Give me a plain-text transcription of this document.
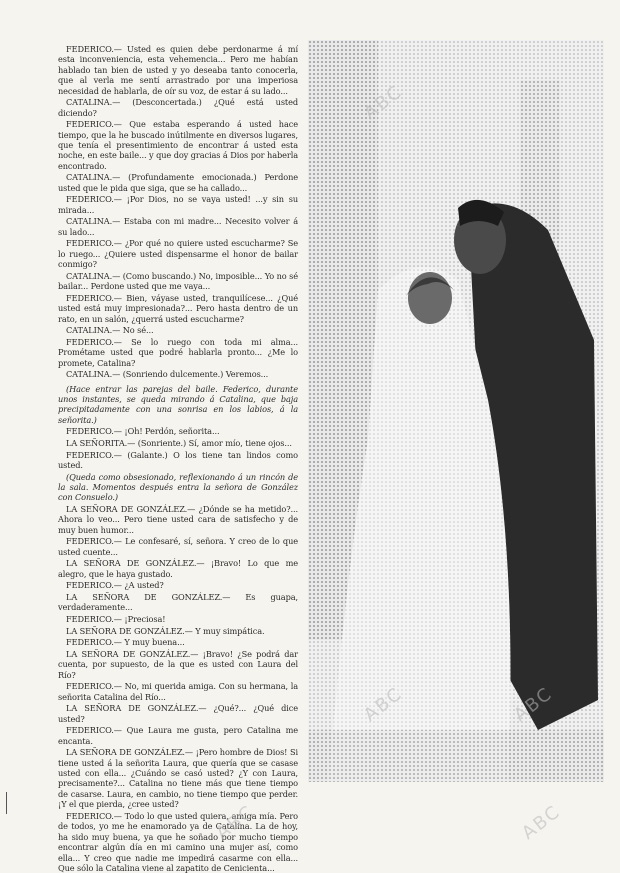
FEDERICO.— Usted es quien debe perdonarme á mí esta inconveniencia, esta vehemencia... Pero me habían hablado tan bien de usted y yo deseaba tanto conocerla, que al verla me sentí arrastrado por una imperiosa necesidad de hablarla, de oír su voz, de estar á su lado...

CATALINA.— (Desconcertada.) ¿Qué está usted diciendo?

FEDERICO.— Que estaba esperando á usted hace tiempo, que la he buscado inútilmente en diversos lugares, que tenía el presentimiento de encontrar á usted esta noche, en este baile... y que doy gracias á Dios por haberla encontrado.

CATALINA.— (Profundamente emocionada.) Perdone usted que le pida que siga, que se ha callado...

FEDERICO.— ¡Por Dios, no se vaya usted! ...y sin su mirada...

CATALINA.— Estaba con mi madre... Necesito volver á su lado...

FEDERICO.— ¿Por qué no quiere usted escucharme? Se lo ruego... ¿Quiere usted dispensarme el honor de bailar conmigo?

CATALINA.— (Como buscando.) No, imposible... Yo no sé bailar... Perdone usted que me vaya...

FEDERICO.— Bien, váyase usted, tranquilícese... ¿Qué usted está muy impresionada?... Pero hasta dentro de un rato, en un salón, ¿querrá usted escucharme?

CATALINA.— No sé...

FEDERICO.— Se lo ruego con toda mi alma... Prométame usted que podré hablarla pronto... ¿Me lo promete, Catalina?

CATALINA.— (Sonriendo dulcemente.) Veremos...

(Hace entrar las parejas del baile. Federico, durante unos instantes, se queda mirando á Catalina, que baja precipitadamente con una sonrisa en los labios, á la señorita.)

FEDERICO.— ¡Oh! Perdón, señorita...

LA SEÑORITA.— (Sonriente.) Sí, amor mío, tiene ojos...

FEDERICO.— (Galante.) O los tiene tan lindos como usted.

(Queda como obsesionado, reflexionando á un rincón de la sala. Momentos después entra la señora de González con Consuelo.)

LA SEÑORA DE GONZÁLEZ.— ¿Dónde se ha metido?... Ahora lo veo... Pero tiene usted cara de satisfecho y de muy buen humor...

FEDERICO.— Le confesaré, sí, señora. Y creo de lo que usted cuente...

LA SEÑORA DE GONZÁLEZ.— ¡Bravo! Lo que me alegro, que le haya gustado.

FEDERICO.— ¿A usted?

LA SEÑORA DE GONZÁLEZ.— Es guapa, verdaderamente...

FEDERICO.— ¡Preciosa!

LA SEÑORA DE GONZÁLEZ.— Y muy simpática.

FEDERICO.— Y muy buena...

LA SEÑORA DE GONZÁLEZ.— ¡Bravo! ¿Se podrá dar cuenta, por supuesto, de la que es usted con Laura del Río?

FEDERICO.— No, mi querida amiga. Con su hermana, la señorita Catalina del Río...

LA SEÑORA DE GONZÁLEZ.— ¿Qué?... ¿Qué dice usted?

FEDERICO.— Que Laura me gusta, pero Catalina me encanta.

LA SEÑORA DE GONZÁLEZ.— ¡Pero hombre de Dios! Si tiene usted á la señorita Laura, que quería que se casase usted con ella... ¿Cuándo se casó usted? ¿Y con Laura, precisamente?... Catalina no tiene más que tiene tiempo de casarse. Laura, en cambio, no tiene tiempo que perder. ¡Y el que pierda, ¿cree usted?

FEDERICO.— Todo lo que usted quiera, amiga mía. Pero de todos, yo me he enamorado ya de Catalina. La de hoy, ha sido muy buena, ya que he soñado por mucho tiempo encontrar algún día en mi camino una mujer así, como ella... Y creo que nadie me impedirá casarme con ella... Que sólo la Catalina viene al zapatito de Cenicienta...

ABC
ABC	ABC
ABC	ABC
